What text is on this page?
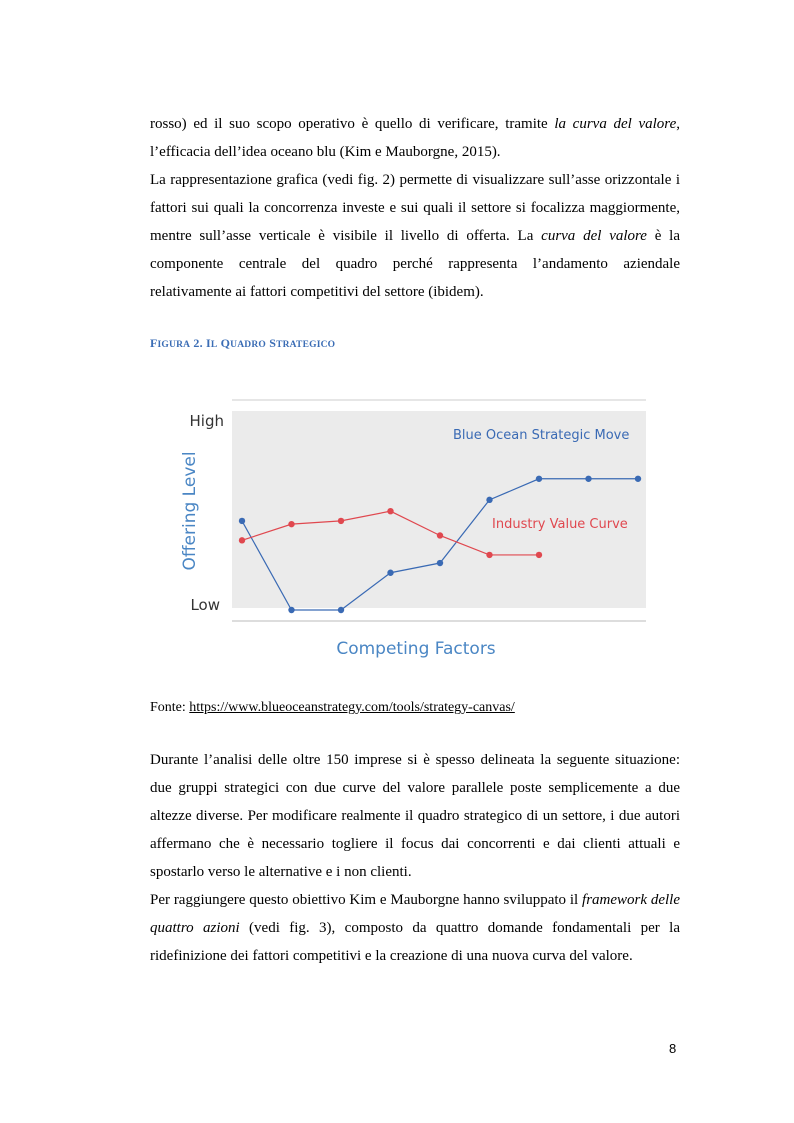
rosso) ed il suo scopo operativo è quello di verificare, tramite la curva del valore, l’efficacia dell’idea oceano blu (Kim e Mauborgne, 2015).

La rappresentazione grafica (vedi fig. 2) permette di visualizzare sull’asse orizzontale i fattori sui quali la concorrenza investe e sui quali il settore si focalizza maggiormente, mentre sull’asse verticale è visibile il livello di offerta. La curva del valore è la componente centrale del quadro perché rappresenta l’andamento aziendale relativamente ai fattori competitivi del settore (ibidem).

FIGURA 2. IL QUADRO STRATEGICO
High
Low
Offering Level
Competing Factors
Blue Ocean Strategic Move
Industry Value Curve
Fonte: https://www.blueoceanstrategy.com/tools/strategy-canvas/

Durante l’analisi delle oltre 150 imprese si è spesso delineata la seguente situazione: due gruppi strategici con due curve del valore parallele poste semplicemente a due altezze diverse. Per modificare realmente il quadro strategico di un settore, i due autori affermano che è necessario togliere il focus dai concorrenti e dai clienti attuali e spostarlo verso le alternative e i non clienti.

Per raggiungere questo obiettivo Kim e Mauborgne hanno sviluppato il framework delle quattro azioni (vedi fig. 3), composto da quattro domande fondamentali per la ridefinizione dei fattori competitivi e la creazione di una nuova curva del valore.

8
